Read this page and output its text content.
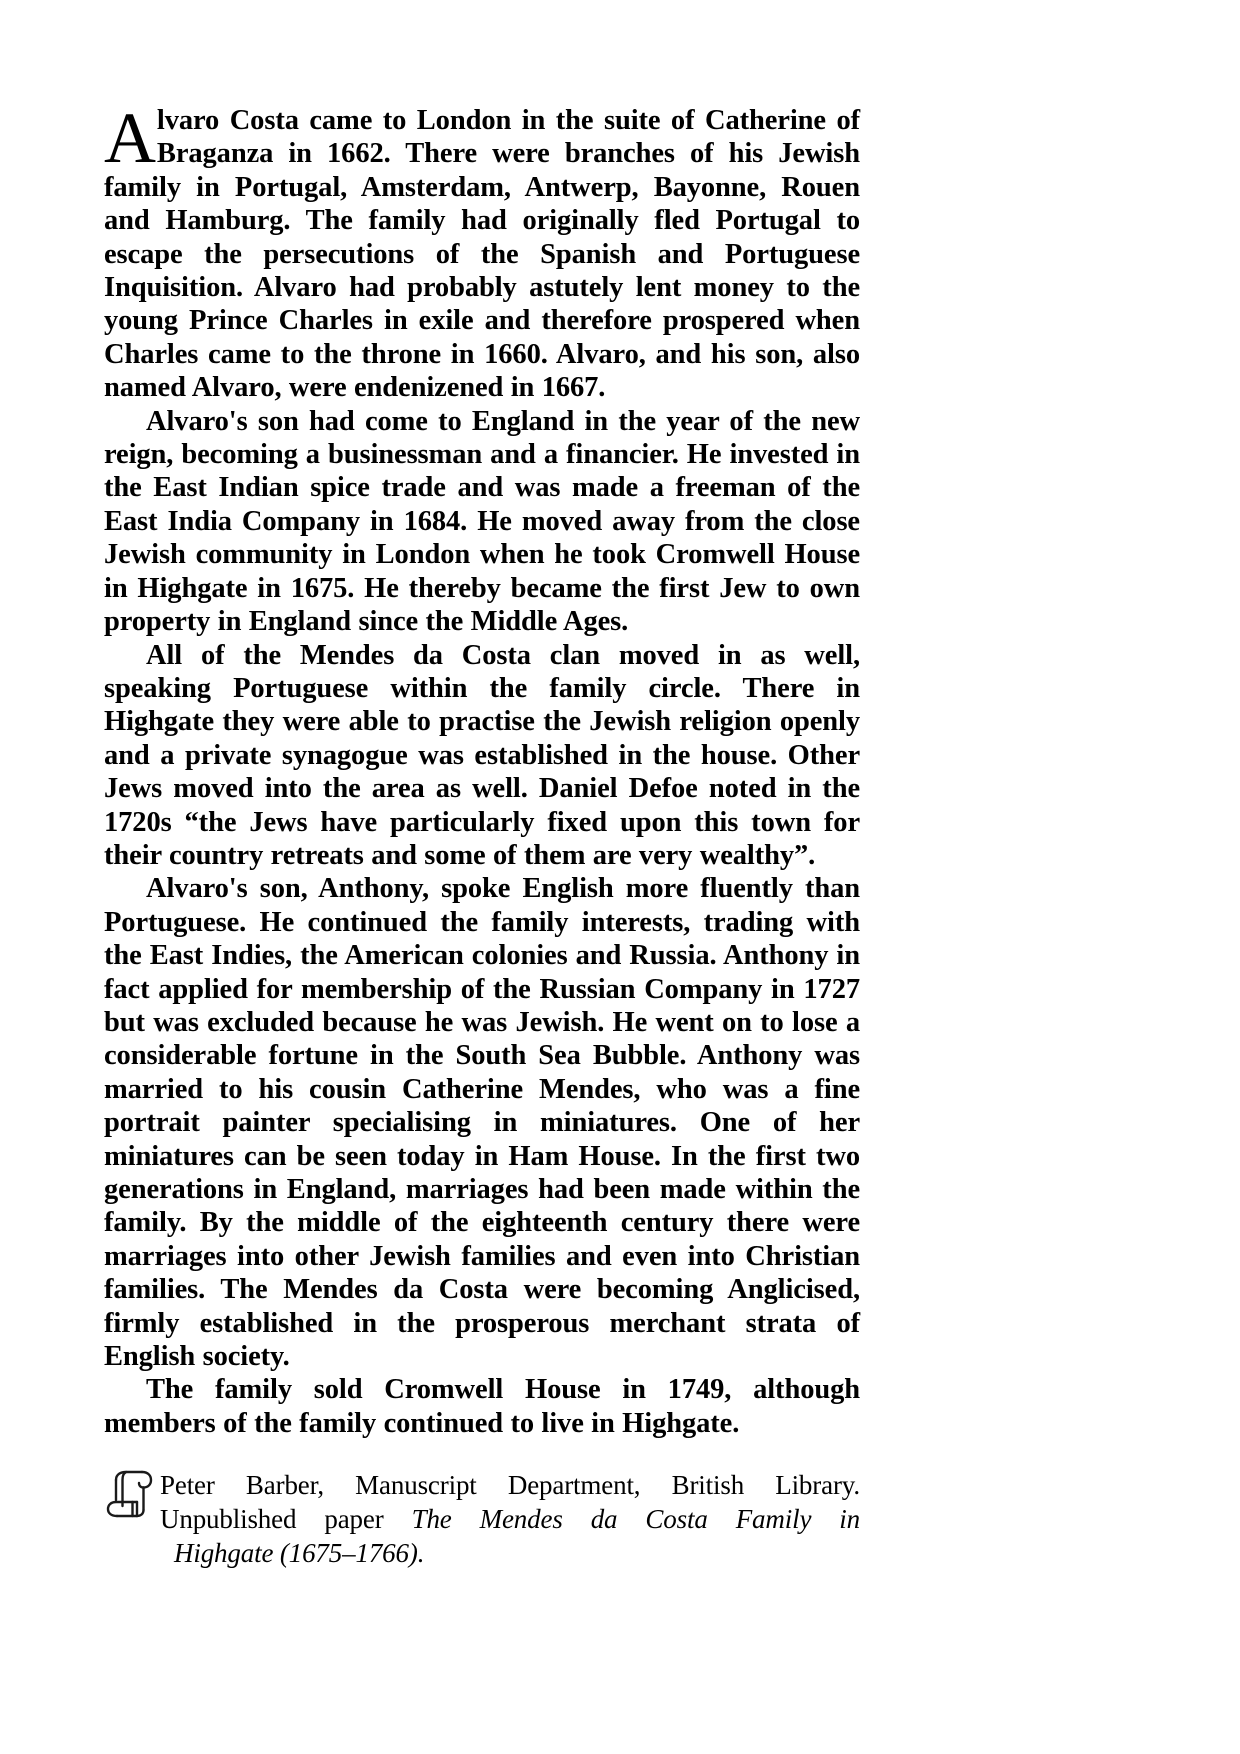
Alvaro Costa came to London in the suite of Catherine of Braganza in 1662. There were branches of his Jewish family in Portugal, Amsterdam, Antwerp, Bayonne, Rouen and Hamburg. The family had originally fled Portugal to escape the persecutions of the Spanish and Portuguese Inquisition. Alvaro had probably astutely lent money to the young Prince Charles in exile and therefore prospered when Charles came to the throne in 1660. Alvaro, and his son, also named Alvaro, were endenizened in 1667.

Alvaro's son had come to England in the year of the new reign, becoming a businessman and a financier. He invested in the East Indian spice trade and was made a freeman of the East India Company in 1684. He moved away from the close Jewish community in London when he took Cromwell House in Highgate in 1675. He thereby became the first Jew to own property in England since the Middle Ages.

All of the Mendes da Costa clan moved in as well, speaking Portuguese within the family circle. There in Highgate they were able to practise the Jewish religion openly and a private synagogue was established in the house. Other Jews moved into the area as well. Daniel Defoe noted in the 1720s “the Jews have particularly fixed upon this town for their country retreats and some of them are very wealthy”.

Alvaro's son, Anthony, spoke English more fluently than Portuguese. He continued the family interests, trading with the East Indies, the American colonies and Russia. Anthony in fact applied for membership of the Russian Company in 1727 but was excluded because he was Jewish. He went on to lose a considerable fortune in the South Sea Bubble. Anthony was married to his cousin Catherine Mendes, who was a fine portrait painter specialising in miniatures. One of her miniatures can be seen today in Ham House. In the first two generations in England, marriages had been made within the family. By the middle of the eighteenth century there were marriages into other Jewish families and even into Christian families. The Mendes da Costa were becoming Anglicised, firmly established in the prosperous merchant strata of English society.

The family sold Cromwell House in 1749, although members of the family continued to live in Highgate.

Peter Barber, Manuscript Department, British Library.
Unpublished paper The Mendes da Costa Family in
Highgate (1675–1766).
